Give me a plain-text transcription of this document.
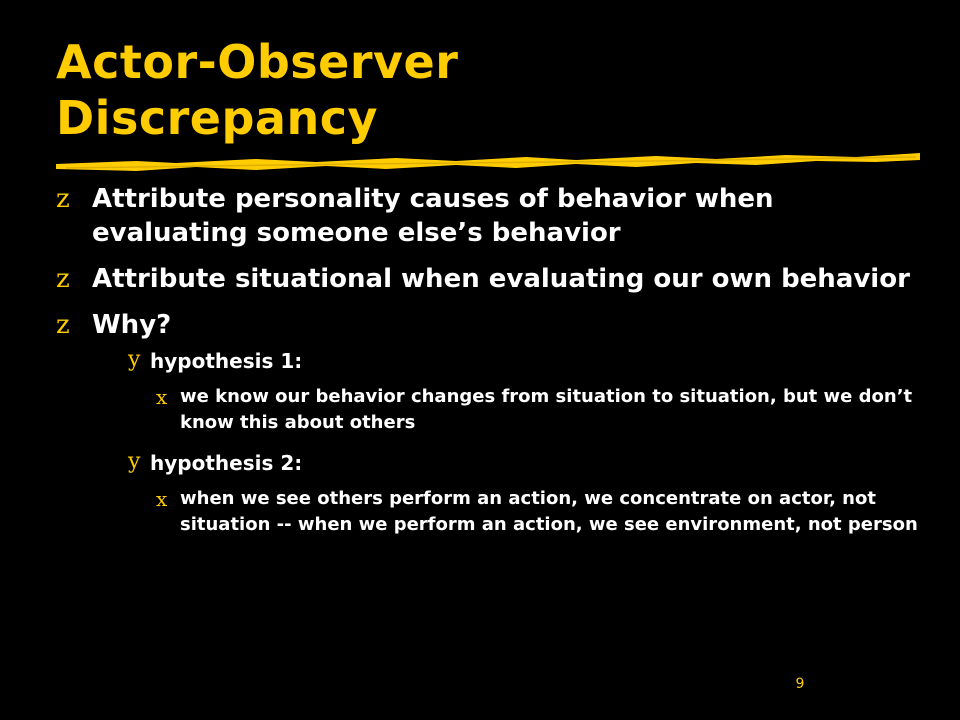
Actor-Observer
Discrepancy
z Attribute personality causes of behavior when evaluating someone else’s behavior
z Attribute situational when evaluating our own behavior
z Why?
y hypothesis 1:
x we know our behavior changes from situation to situation, but we don’t know this about others
y hypothesis 2:
x when we see others perform an action, we concentrate on actor, not situation -- when we perform an action, we see environment, not person
9
